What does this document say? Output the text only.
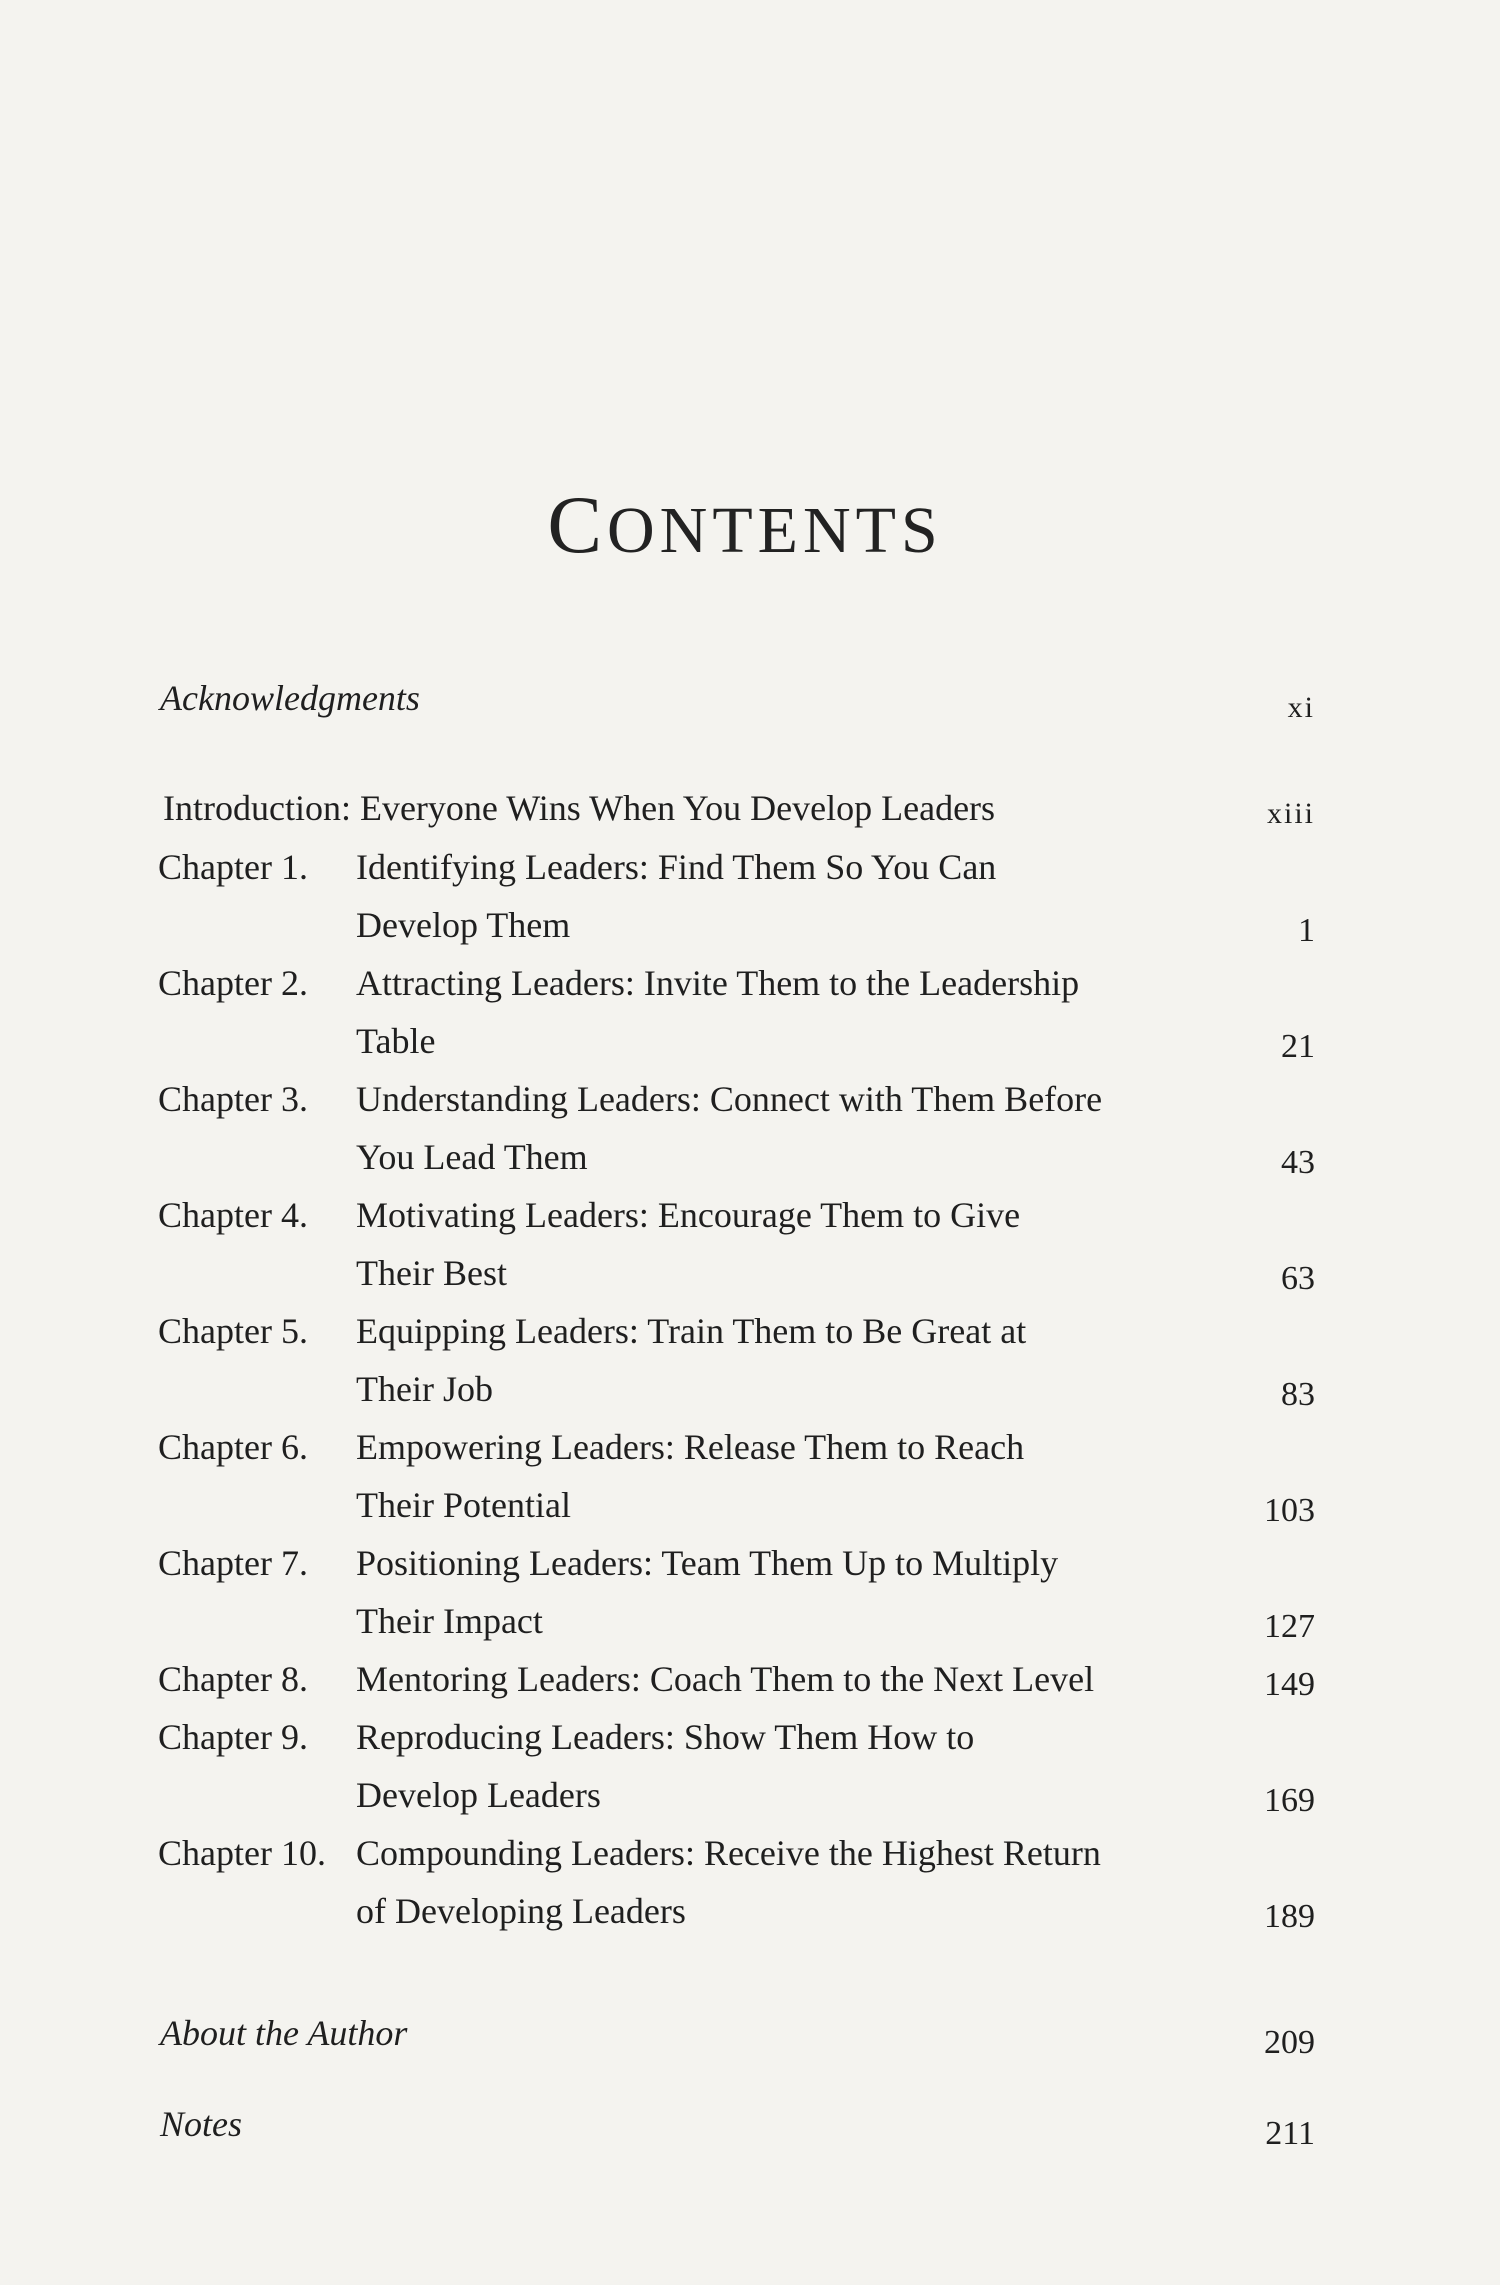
CONTENTS
Acknowledgments	xi
Introduction: Everyone Wins When You Develop Leaders	xiii
Chapter 1. Identifying Leaders: Find Them So You Can
Develop Them	1
Chapter 2. Attracting Leaders: Invite Them to the Leadership
Table	21
Chapter 3. Understanding Leaders: Connect with Them Before
You Lead Them	43
Chapter 4. Motivating Leaders: Encourage Them to Give
Their Best	63
Chapter 5. Equipping Leaders: Train Them to Be Great at
Their Job	83
Chapter 6. Empowering Leaders: Release Them to Reach
Their Potential	103
Chapter 7. Positioning Leaders: Team Them Up to Multiply
Their Impact	127
Chapter 8. Mentoring Leaders: Coach Them to the Next Level	149
Chapter 9. Reproducing Leaders: Show Them How to
Develop Leaders	169
Chapter 10. Compounding Leaders: Receive the Highest Return
of Developing Leaders	189
About the Author	209
Notes	211
